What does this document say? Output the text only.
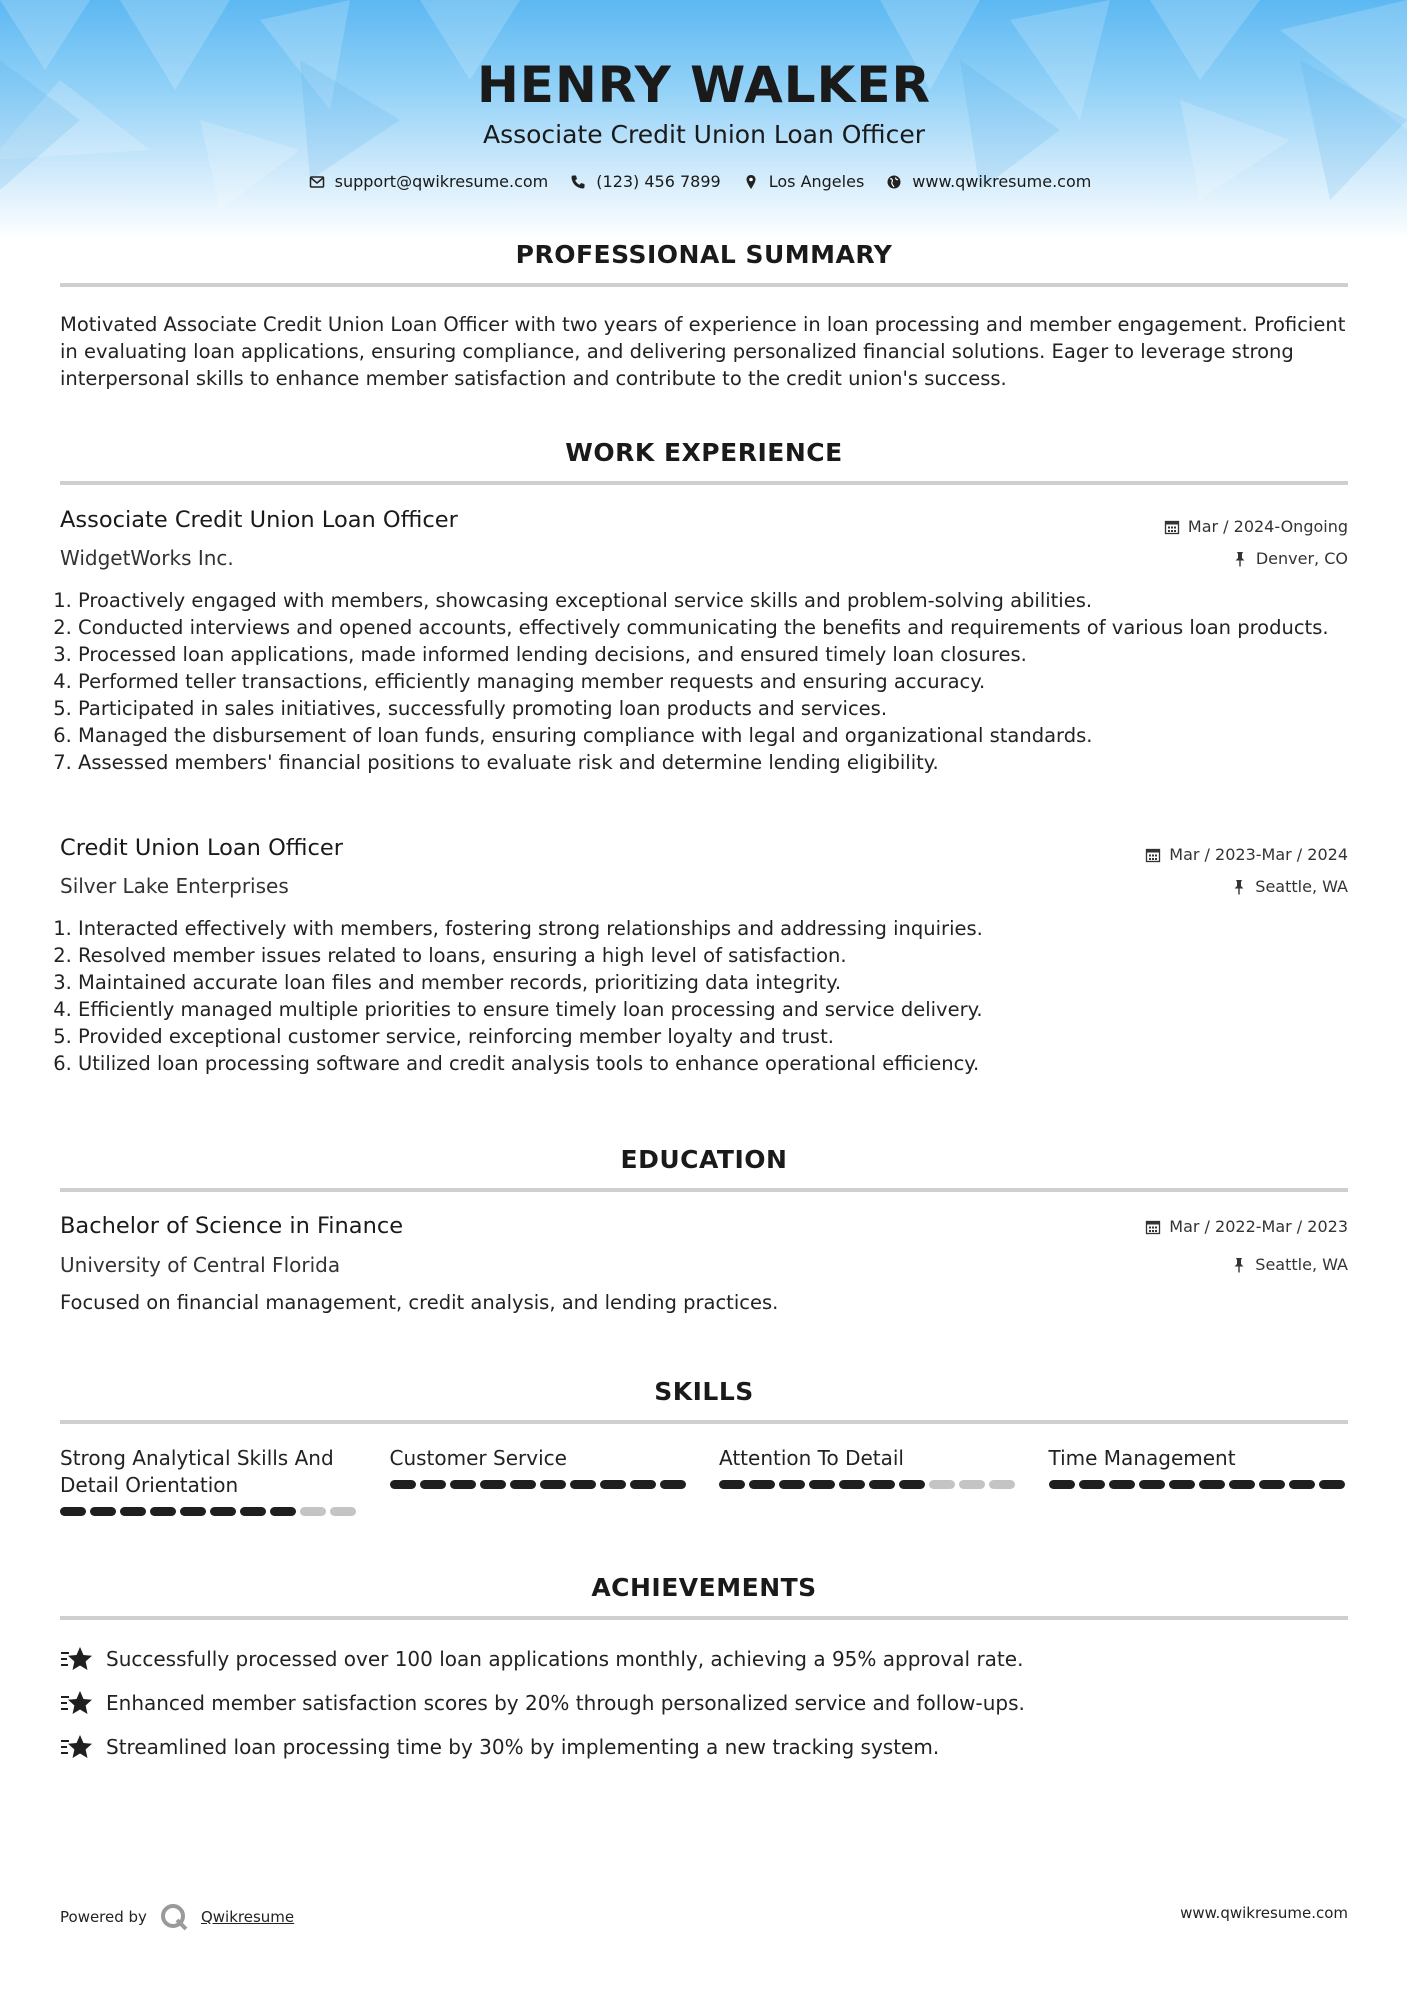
HENRY WALKER
Associate Credit Union Loan Officer
support@qwikresume.com	(123) 456 7899	Los Angeles	www.qwikresume.com
PROFESSIONAL SUMMARY
Motivated Associate Credit Union Loan Officer with two years of experience in loan processing and member engagement. Proficient in evaluating loan applications, ensuring compliance, and delivering personalized financial solutions. Eager to leverage strong interpersonal skills to enhance member satisfaction and contribute to the credit union's success.
WORK EXPERIENCE
Associate Credit Union Loan Officer	Mar / 2024-Ongoing
WidgetWorks Inc.	Denver, CO
1. Proactively engaged with members, showcasing exceptional service skills and problem-solving abilities.
2. Conducted interviews and opened accounts, effectively communicating the benefits and requirements of various loan products.
3. Processed loan applications, made informed lending decisions, and ensured timely loan closures.
4. Performed teller transactions, efficiently managing member requests and ensuring accuracy.
5. Participated in sales initiatives, successfully promoting loan products and services.
6. Managed the disbursement of loan funds, ensuring compliance with legal and organizational standards.
7. Assessed members' financial positions to evaluate risk and determine lending eligibility.
Credit Union Loan Officer	Mar / 2023-Mar / 2024
Silver Lake Enterprises	Seattle, WA
1. Interacted effectively with members, fostering strong relationships and addressing inquiries.
2. Resolved member issues related to loans, ensuring a high level of satisfaction.
3. Maintained accurate loan files and member records, prioritizing data integrity.
4. Efficiently managed multiple priorities to ensure timely loan processing and service delivery.
5. Provided exceptional customer service, reinforcing member loyalty and trust.
6. Utilized loan processing software and credit analysis tools to enhance operational efficiency.
EDUCATION
Bachelor of Science in Finance	Mar / 2022-Mar / 2023
University of Central Florida	Seattle, WA
Focused on financial management, credit analysis, and lending practices.
SKILLS
Strong Analytical Skills And Detail Orientation
Customer Service	Attention To Detail	Time Management
ACHIEVEMENTS
Successfully processed over 100 loan applications monthly, achieving a 95% approval rate.
Enhanced member satisfaction scores by 20% through personalized service and follow-ups.
Streamlined loan processing time by 30% by implementing a new tracking system.
Powered by	Qwikresume	www.qwikresume.com
